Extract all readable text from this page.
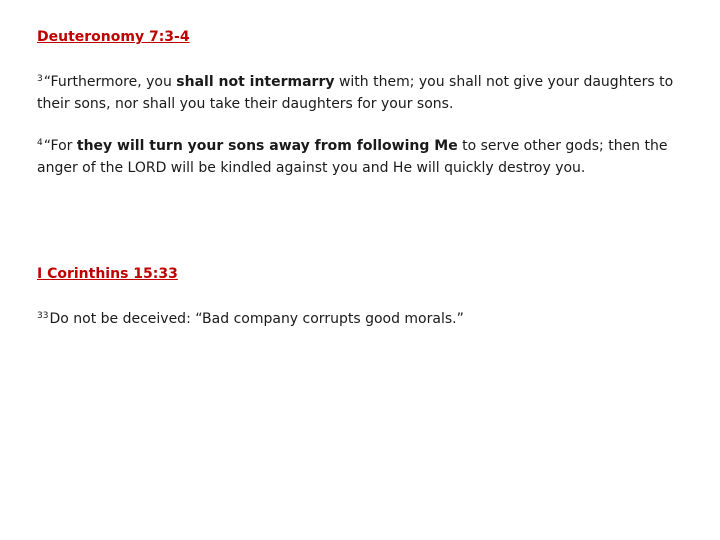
Deuteronomy 7:3-4

$^3$“Furthermore, you shall not intermarry with them; you shall not give your daughters to their sons, nor shall you take their daughters for your sons.

$^4$“For they will turn your sons away from following Me to serve other gods; then the anger of the LORD will be kindled against you and He will quickly destroy you.

I Corinthins 15:33

$^{33}$Do not be deceived: “Bad company corrupts good morals.”
